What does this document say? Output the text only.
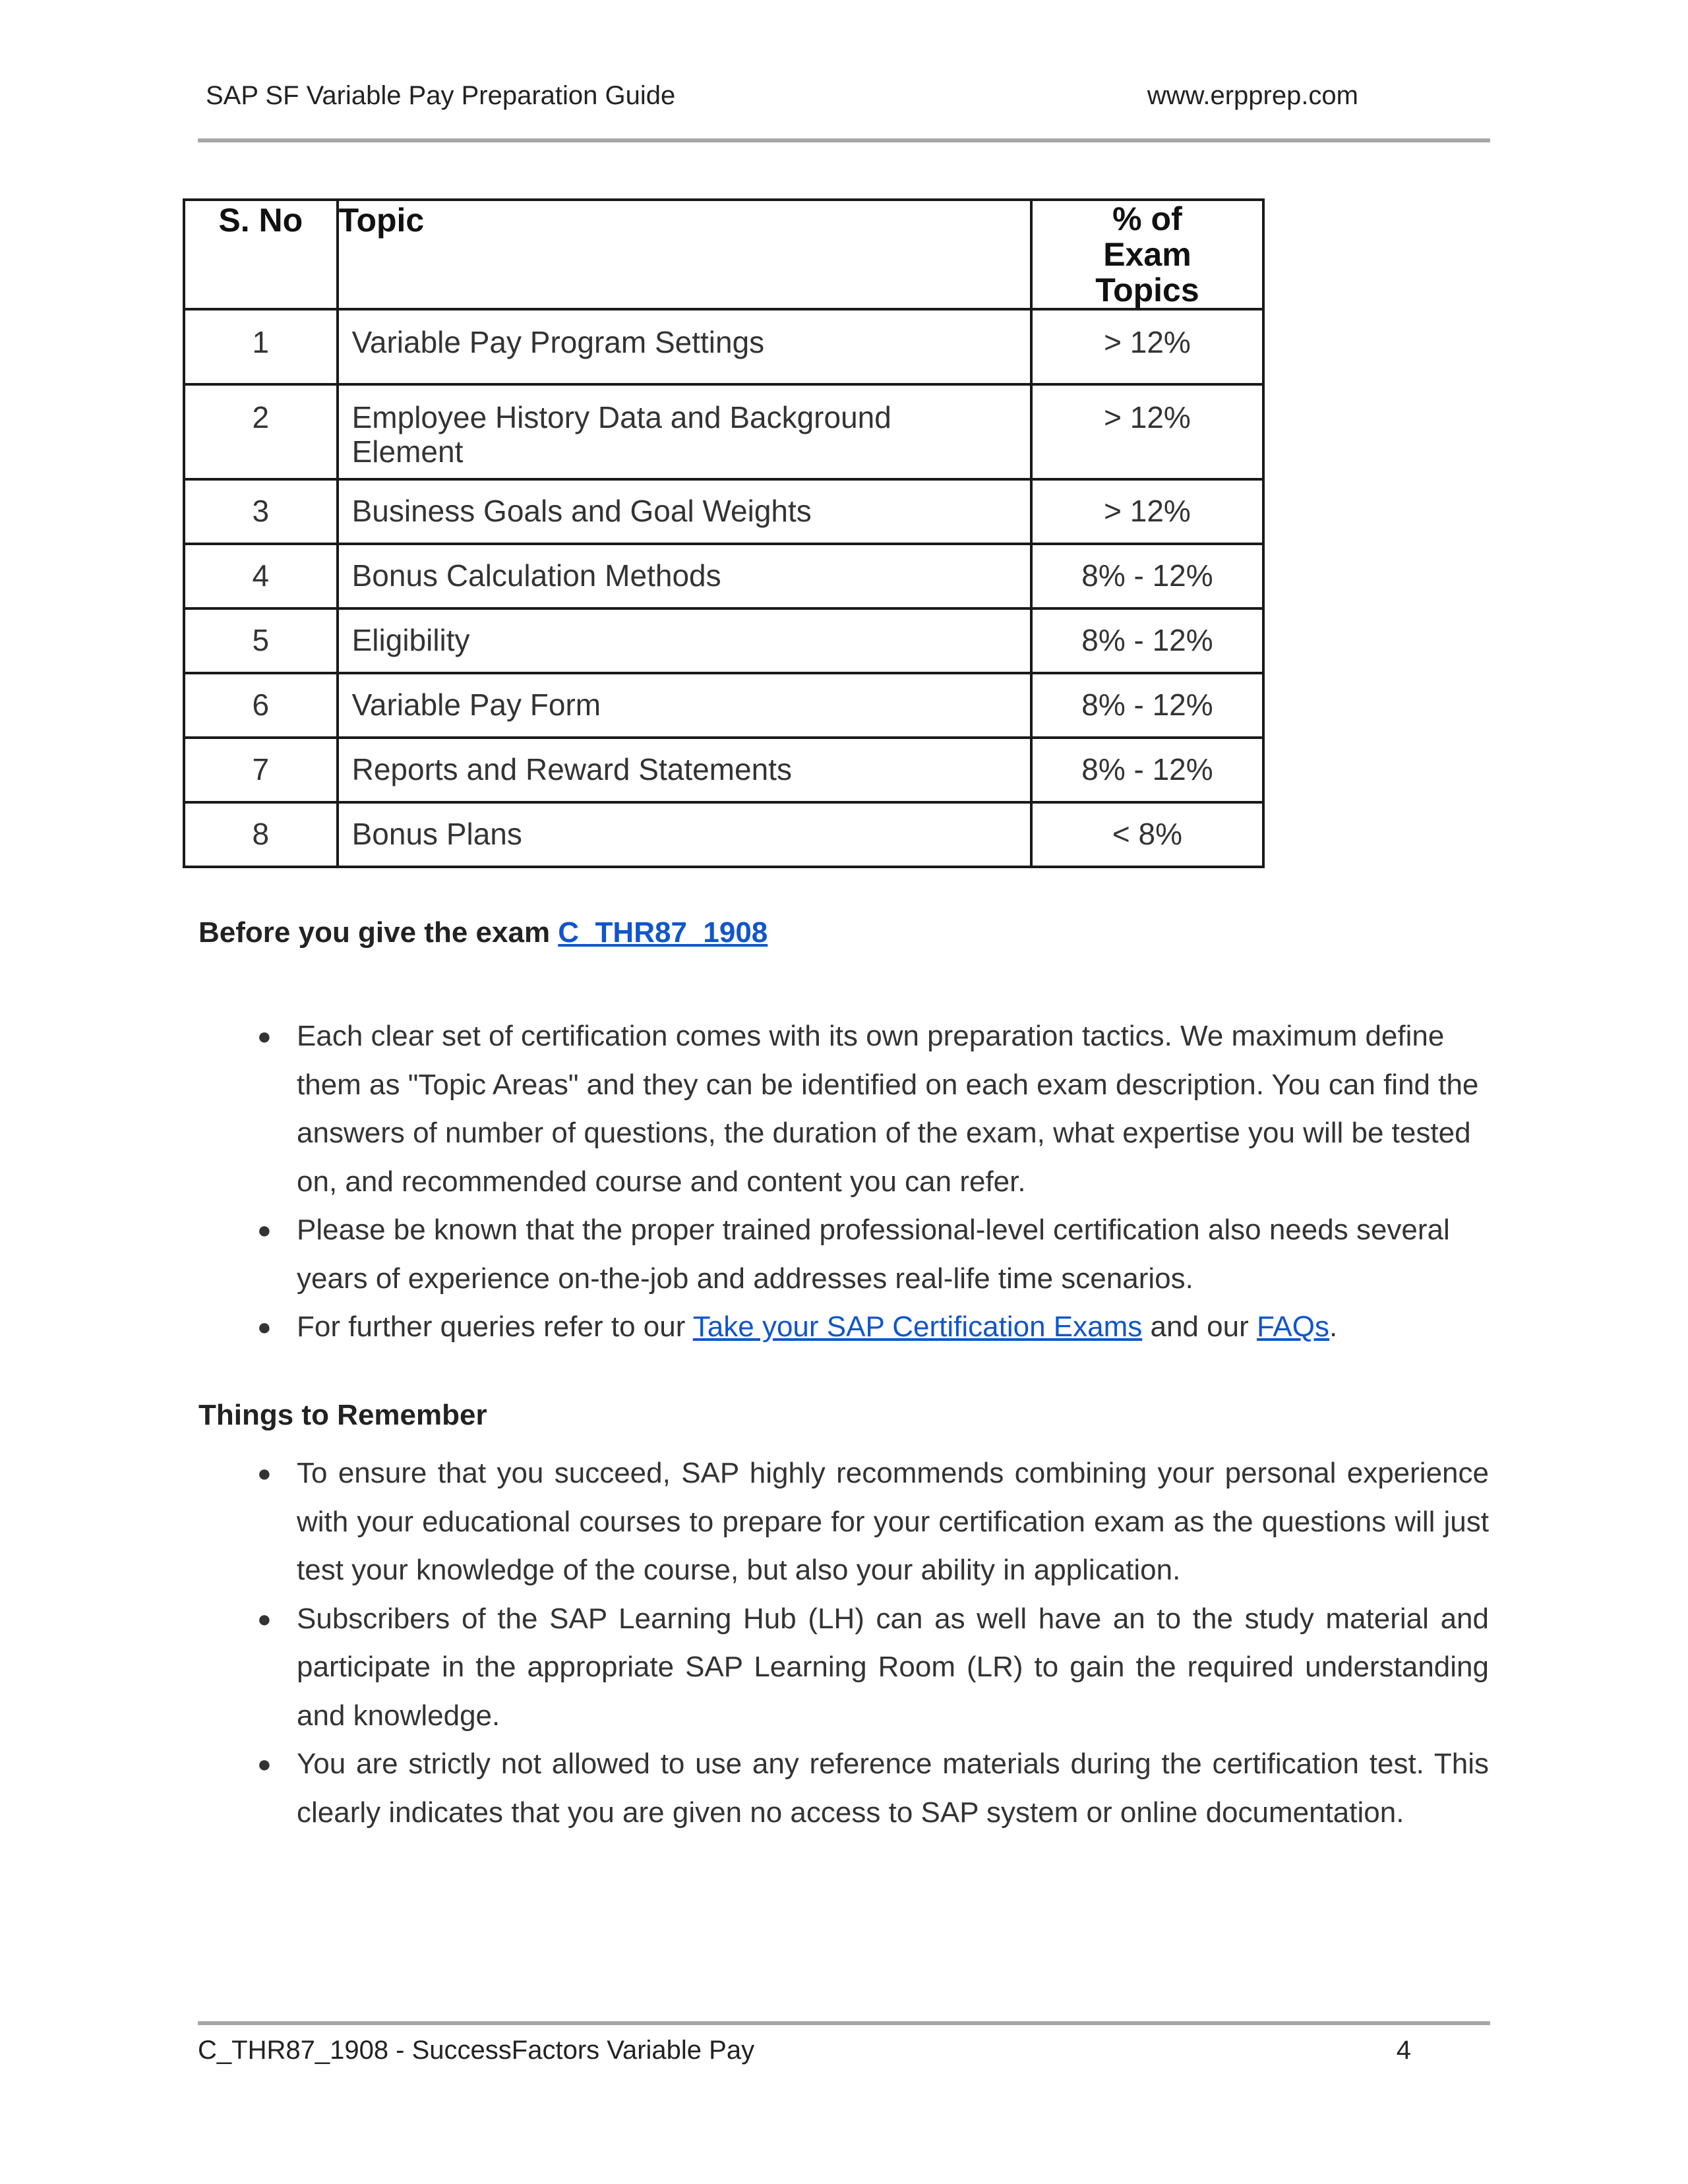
SAP SF Variable Pay Preparation Guide	www.erpprep.com
S. No	Topic	% of Exam Topics
1	Variable Pay Program Settings	> 12%
2	Employee History Data and Background Element	> 12%
3	Business Goals and Goal Weights	> 12%
4	Bonus Calculation Methods	8% - 12%
5	Eligibility	8% - 12%
6	Variable Pay Form	8% - 12%
7	Reports and Reward Statements	8% - 12%
8	Bonus Plans	< 8%
Before you give the exam C_THR87_1908
● Each clear set of certification comes with its own preparation tactics. We maximum define them as "Topic Areas" and they can be identified on each exam description. You can find the answers of number of questions, the duration of the exam, what expertise you will be tested on, and recommended course and content you can refer.
● Please be known that the proper trained professional-level certification also needs several years of experience on-the-job and addresses real-life time scenarios.
● For further queries refer to our Take your SAP Certification Exams and our FAQs.
Things to Remember
● To ensure that you succeed, SAP highly recommends combining your personal experience with your educational courses to prepare for your certification exam as the questions will just test your knowledge of the course, but also your ability in application.
● Subscribers of the SAP Learning Hub (LH) can as well have an to the study material and participate in the appropriate SAP Learning Room (LR) to gain the required understanding and knowledge.
● You are strictly not allowed to use any reference materials during the certification test. This clearly indicates that you are given no access to SAP system or online documentation.
C_THR87_1908 - SuccessFactors Variable Pay	4
